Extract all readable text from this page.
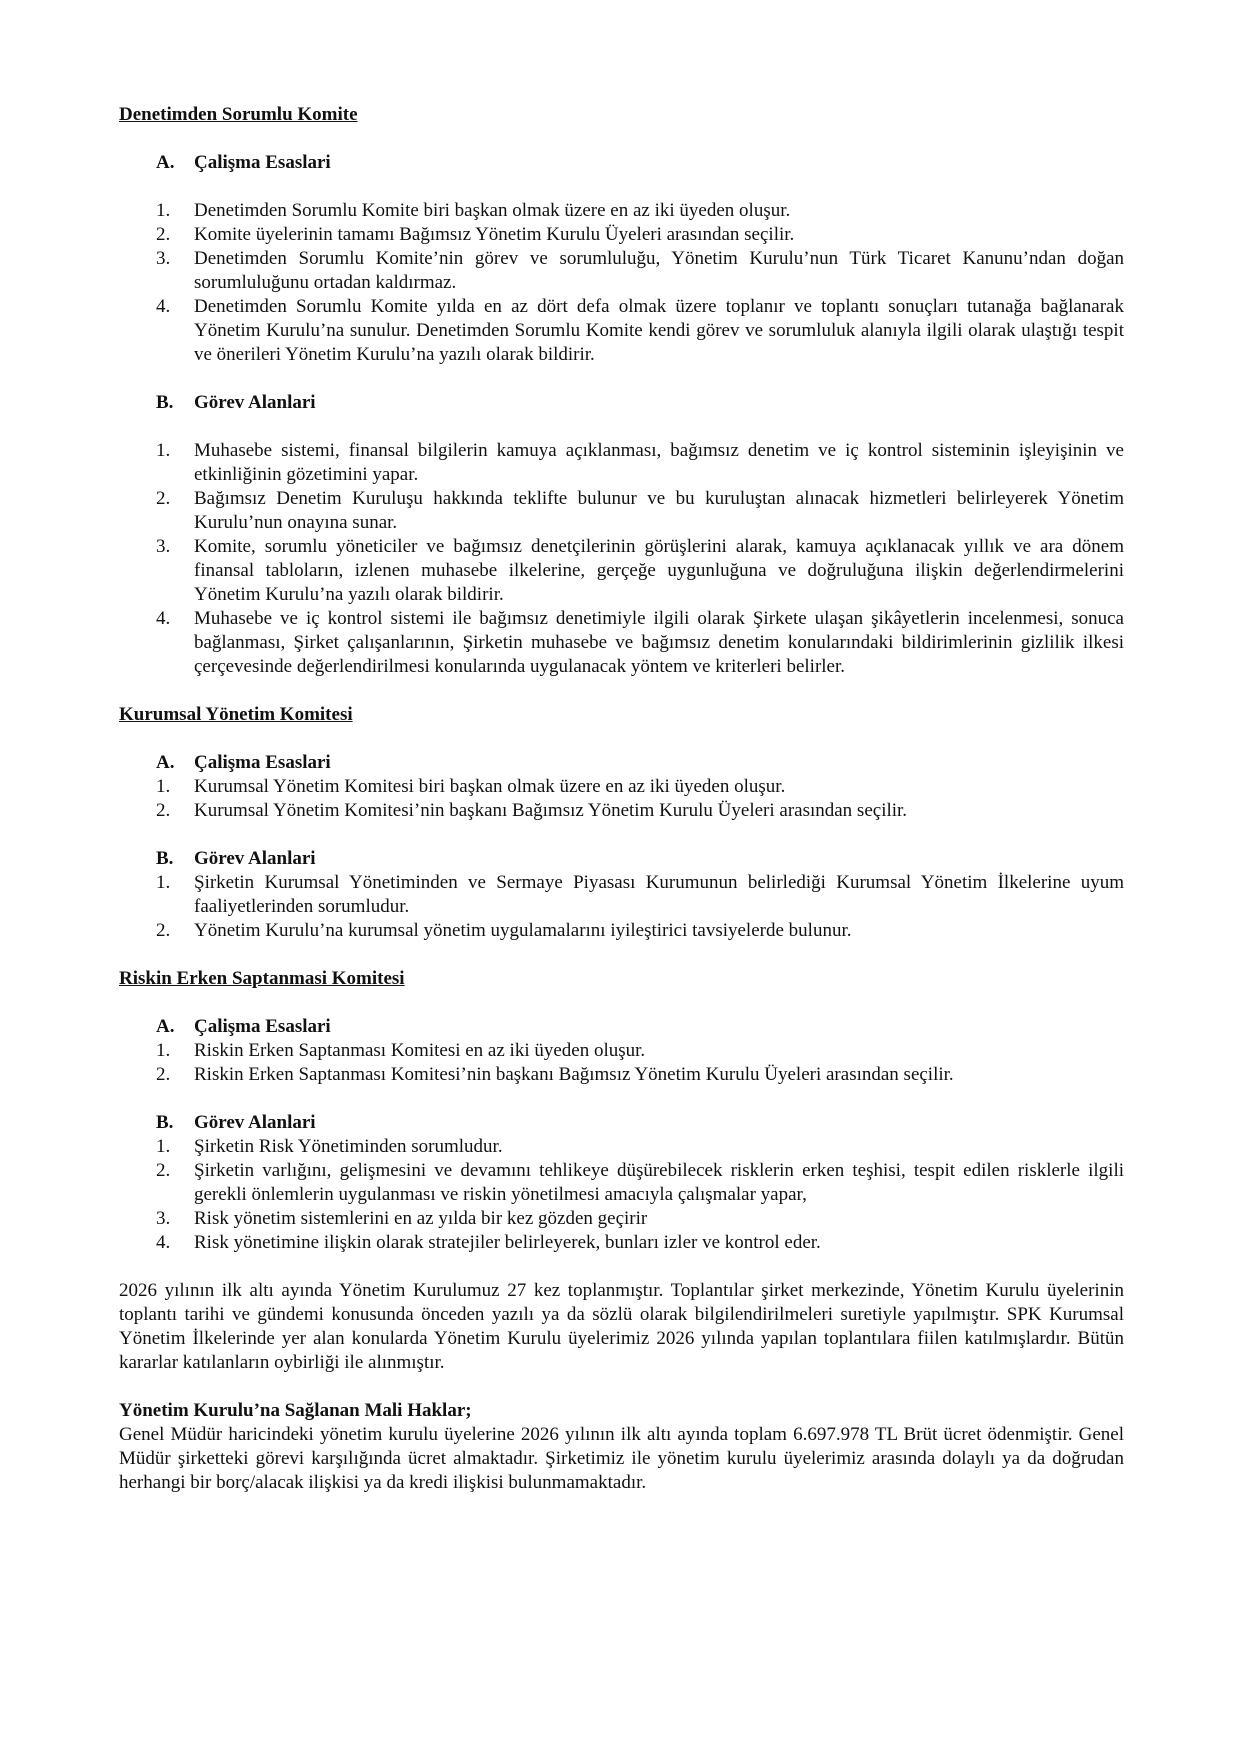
Denetimden Sorumlu Komite

A.	Çalişma Esaslari

1.	Denetimden Sorumlu Komite biri başkan olmak üzere en az iki üyeden oluşur.
2.	Komite üyelerinin tamamı Bağımsız Yönetim Kurulu Üyeleri arasından seçilir.
3.	Denetimden Sorumlu Komite’nin görev ve sorumluluğu, Yönetim Kurulu’nun Türk Ticaret Kanunu’ndan doğan sorumluluğunu ortadan kaldırmaz.
4.	Denetimden Sorumlu Komite yılda en az dört defa olmak üzere toplanır ve toplantı sonuçları tutanağa bağlanarak Yönetim Kurulu’na sunulur. Denetimden Sorumlu Komite kendi görev ve sorumluluk alanıyla ilgili olarak ulaştığı tespit ve önerileri Yönetim Kurulu’na yazılı olarak bildirir.

B.	Görev Alanlari

1.	Muhasebe sistemi, finansal bilgilerin kamuya açıklanması, bağımsız denetim ve iç kontrol sisteminin işleyişinin ve etkinliğinin gözetimini yapar.
2.	Bağımsız Denetim Kuruluşu hakkında teklifte bulunur ve bu kuruluştan alınacak hizmetleri belirleyerek Yönetim Kurulu’nun onayına sunar.
3.	Komite, sorumlu yöneticiler ve bağımsız denetçilerinin görüşlerini alarak, kamuya açıklanacak yıllık ve ara dönem finansal tabloların, izlenen muhasebe ilkelerine, gerçeğe uygunluğuna ve doğruluğuna ilişkin değerlendirmelerini Yönetim Kurulu’na yazılı olarak bildirir.
4.	Muhasebe ve iç kontrol sistemi ile bağımsız denetimiyle ilgili olarak Şirkete ulaşan şikâyetlerin incelenmesi, sonuca bağlanması, Şirket çalışanlarının, Şirketin muhasebe ve bağımsız denetim konularındaki bildirimlerinin gizlilik ilkesi çerçevesinde değerlendirilmesi konularında uygulanacak yöntem ve kriterleri belirler.

Kurumsal Yönetim Komitesi

A.	Çalişma Esaslari

1.	Kurumsal Yönetim Komitesi biri başkan olmak üzere en az iki üyeden oluşur.
2.	Kurumsal Yönetim Komitesi’nin başkanı Bağımsız Yönetim Kurulu Üyeleri arasından seçilir.

B.	Görev Alanlari

1.	Şirketin Kurumsal Yönetiminden ve Sermaye Piyasası Kurumunun belirlediği Kurumsal Yönetim İlkelerine uyum faaliyetlerinden sorumludur.
2.	Yönetim Kurulu’na kurumsal yönetim uygulamalarını iyileştirici tavsiyelerde bulunur.

Riskin Erken Saptanmasi Komitesi

A.	Çalişma Esaslari

1.	Riskin Erken Saptanması Komitesi en az iki üyeden oluşur.
2.	Riskin Erken Saptanması Komitesi’nin başkanı Bağımsız Yönetim Kurulu Üyeleri arasından seçilir.

B.	Görev Alanlari

1.	Şirketin Risk Yönetiminden sorumludur.
2.	Şirketin varlığını, gelişmesini ve devamını tehlikeye düşürebilecek risklerin erken teşhisi, tespit edilen risklerle ilgili gerekli önlemlerin uygulanması ve riskin yönetilmesi amacıyla çalışmalar yapar,
3.	Risk yönetim sistemlerini en az yılda bir kez gözden geçirir
4.	Risk yönetimine ilişkin olarak stratejiler belirleyerek, bunları izler ve kontrol eder.

2026 yılının ilk altı ayında Yönetim Kurulumuz 27 kez toplanmıştır. Toplantılar şirket merkezinde, Yönetim Kurulu üyelerinin toplantı tarihi ve gündemi konusunda önceden yazılı ya da sözlü olarak bilgilendirilmeleri suretiyle yapılmıştır. SPK Kurumsal Yönetim İlkelerinde yer alan konularda Yönetim Kurulu üyelerimiz 2026 yılında yapılan toplantılara fiilen katılmışlardır. Bütün kararlar katılanların oybirliği ile alınmıştır.

Yönetim Kurulu’na Sağlanan Mali Haklar;

Genel Müdür haricindeki yönetim kurulu üyelerine 2026 yılının ilk altı ayında toplam 6.697.978 TL Brüt ücret ödenmiştir. Genel Müdür şirketteki görevi karşılığında ücret almaktadır. Şirketimiz ile yönetim kurulu üyelerimiz arasında dolaylı ya da doğrudan herhangi bir borç/alacak ilişkisi ya da kredi ilişkisi bulunmamaktadır.
